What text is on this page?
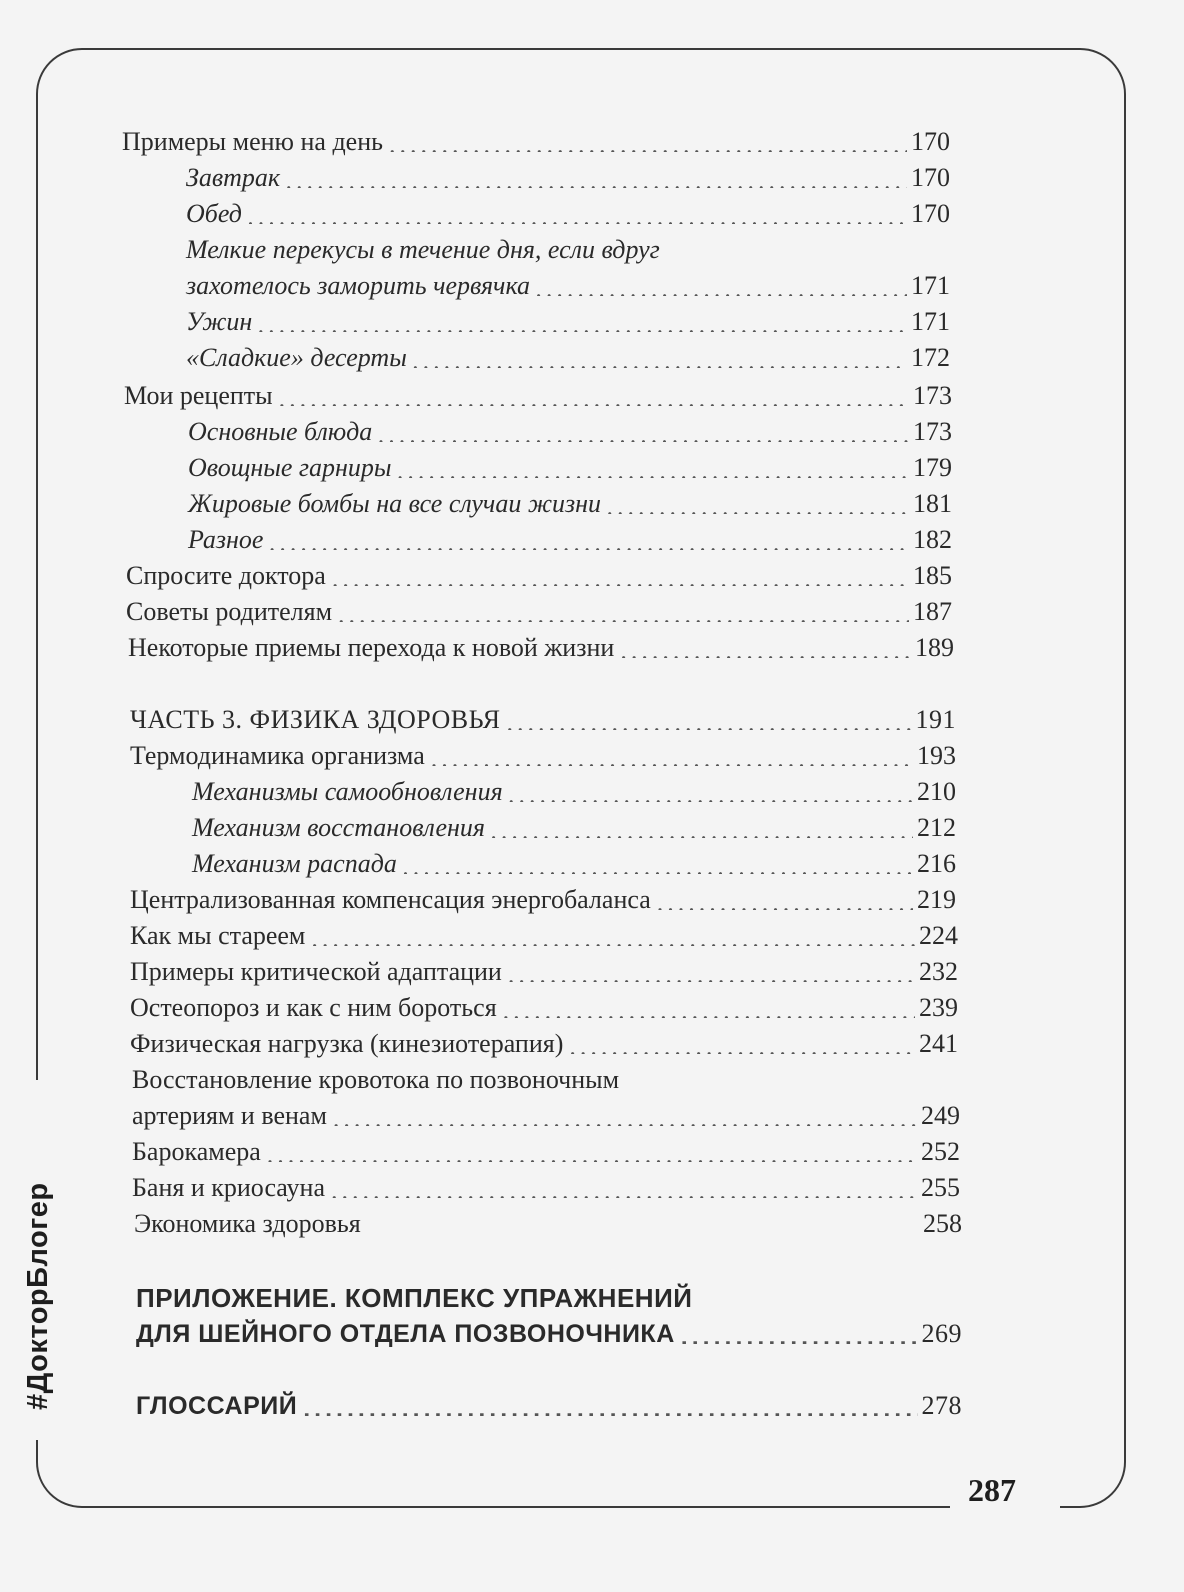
#ДокторБлогер
287
Примеры меню на день .....	170
Завтрак .....	170
Обед .....	170
Мелкие перекусы в течение дня, если вдруг
захотелось заморить червячка .....	171
Ужин .....	171
«Сладкие» десерты .....	172
Мои рецепты .....	173
Основные блюда .....	173
Овощные гарниры .....	179
Жировые бомбы на все случаи жизни .....	181
Разное .....	182
Спросите доктора .....	185
Советы родителям .....	187
Некоторые приемы перехода к новой жизни .....	189
ЧАСТЬ 3. ФИЗИКА ЗДОРОВЬЯ .....	191
Термодинамика организма .....	193
Механизмы самообновления .....	210
Механизм восстановления .....	212
Механизм распада .....	216
Централизованная компенсация энергобаланса .....	219
Как мы стареем .....	224
Примеры критической адаптации .....	232
Остеопороз и как с ним бороться .....	239
Физическая нагрузка (кинезиотерапия) .....	241
Восстановление кровотока по позвоночным
артериям и венам .....	249
Барокамера .....	252
Баня и криосауна .....	255
Экономика здоровья	258
ПРИЛОЖЕНИЕ. КОМПЛЕКС УПРАЖНЕНИЙ
ДЛЯ ШЕЙНОГО ОТДЕЛА ПОЗВОНОЧНИКА .....	269
ГЛОССАРИЙ .....	278
